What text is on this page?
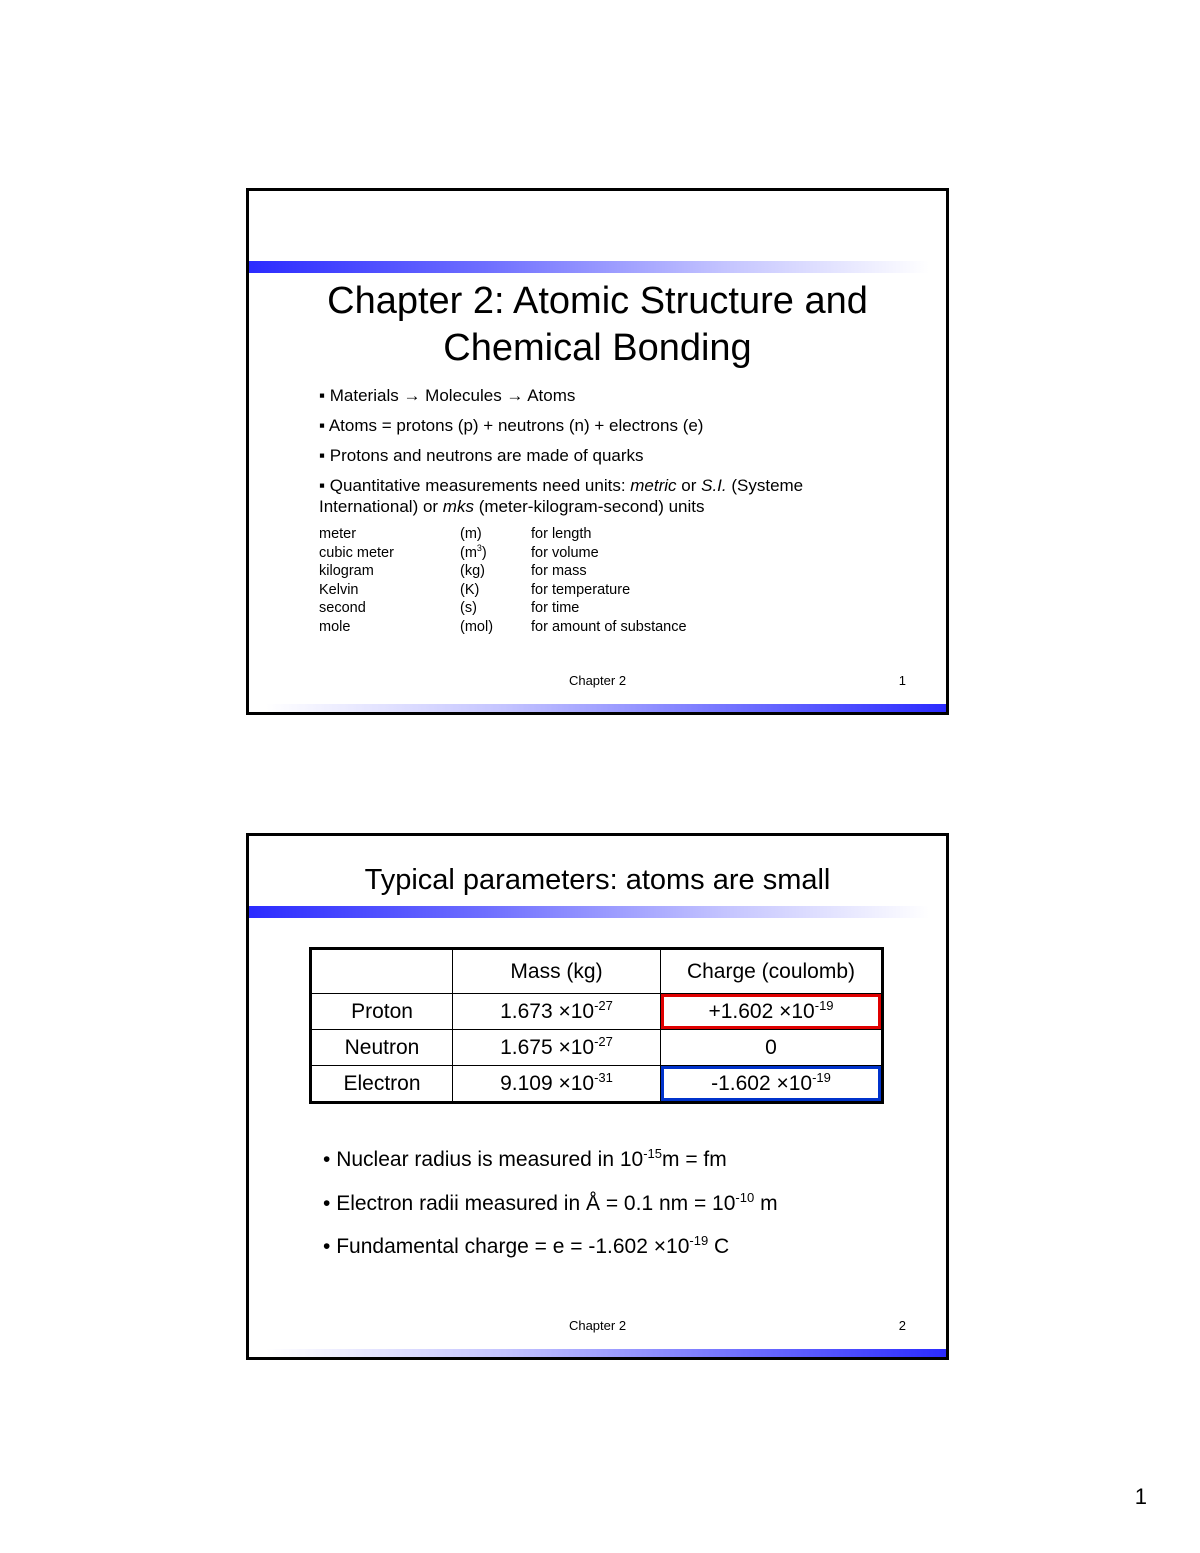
Chapter 2: Atomic Structure and
Chemical Bonding
▪ Materials → Molecules → Atoms
▪ Atoms = protons (p) + neutrons (n) + electrons (e)
▪ Protons and neutrons are made of quarks
▪ Quantitative measurements need units: metric or S.I. (Systeme
International) or mks (meter-kilogram-second) units
meter	(m)	for length
cubic meter	$(m^3)$	for volume
kilogram	(kg)	for mass
Kelvin	(K)	for temperature
second	(s)	for time
mole	(mol)	for amount of substance
Chapter 2	1
Typical parameters: atoms are small
	Mass (kg)	Charge (coulomb)
Proton	$1.673 \times 10^{-27}$	$+1.602 \times 10^{-19}$
Neutron	$1.675 \times 10^{-27}$	0
Electron	$9.109 \times 10^{-31}$	$-1.602 \times 10^{-19}$
• Nuclear radius is measured in $10^{-15}m$ = fm
• Electron radii measured in Å = 0.1 nm = $10^{-10}$ m
• Fundamental charge = $e = -1.602 \times 10^{-19}$ C
Chapter 2	2
1
